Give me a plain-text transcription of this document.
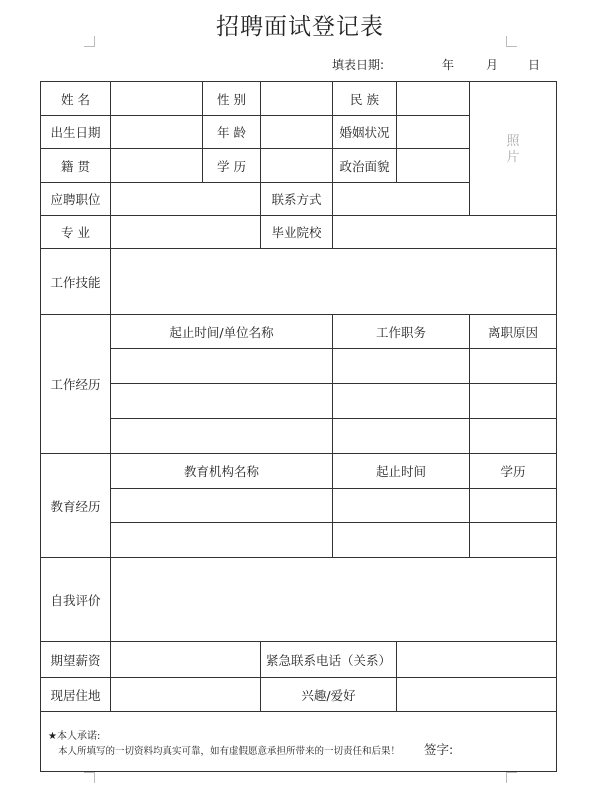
招聘面试登记表
填表日期:	年	月 日
姓 名	性 别	民 族
出生日期	年 龄	婚姻状况
籍 贯	学 历	政治面貌
照片
应聘职位	联系方式
专 业	毕业院校
工作技能
工作经历
起止时间/单位名称	工作职务	离职原因
教育经历
教育机构名称	起止时间	学历
自我评价
期望薪资	紧急联系电话（关系）
现居住地	兴趣/爱好
★本人承诺:
本人所填写的一切资料均真实可靠，如有虚假愿意承担所带来的一切责任和后果！ 签字:
